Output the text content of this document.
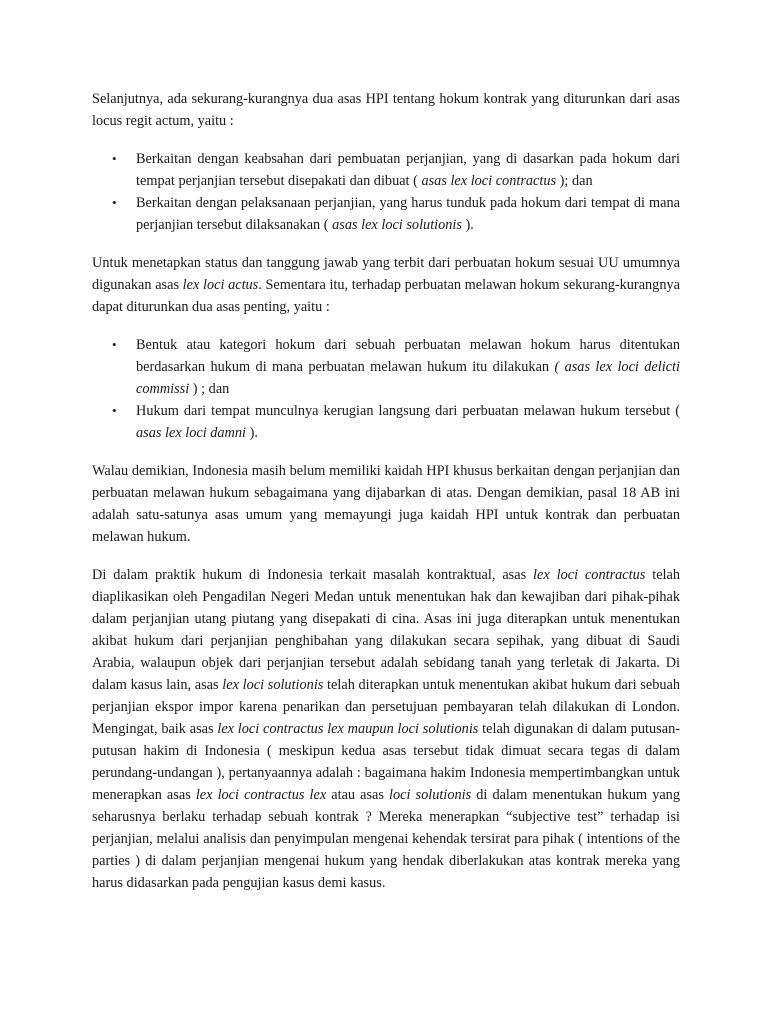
Selanjutnya, ada sekurang-kurangnya dua asas HPI tentang hokum kontrak yang diturunkan dari asas locus regit actum, yaitu :

• Berkaitan dengan keabsahan dari pembuatan perjanjian, yang di dasarkan pada hokum dari tempat perjanjian tersebut disepakati dan dibuat ( asas lex loci contractus ); dan
• Berkaitan dengan pelaksanaan perjanjian, yang harus tunduk pada hokum dari tempat di mana perjanjian tersebut dilaksanakan ( asas lex loci solutionis ).

Untuk menetapkan status dan tanggung jawab yang terbit dari perbuatan hokum sesuai UU umumnya digunakan asas lex loci actus. Sementara itu, terhadap perbuatan melawan hokum sekurang-kurangnya dapat diturunkan dua asas penting, yaitu :

• Bentuk atau kategori hokum dari sebuah perbuatan melawan hokum harus ditentukan berdasarkan hukum di mana perbuatan melawan hukum itu dilakukan ( asas lex loci delicti commissi ) ; dan
• Hukum dari tempat munculnya kerugian langsung dari perbuatan melawan hukum tersebut ( asas lex loci damni ).

Walau demikian, Indonesia masih belum memiliki kaidah HPI khusus berkaitan dengan perjanjian dan perbuatan melawan hukum sebagaimana yang dijabarkan di atas. Dengan demikian, pasal 18 AB ini adalah satu-satunya asas umum yang memayungi juga kaidah HPI untuk kontrak dan perbuatan melawan hukum.

Di dalam praktik hukum di Indonesia terkait masalah kontraktual, asas lex loci contractus telah diaplikasikan oleh Pengadilan Negeri Medan untuk menentukan hak dan kewajiban dari pihak-pihak dalam perjanjian utang piutang yang disepakati di cina. Asas ini juga diterapkan untuk menentukan akibat hukum dari perjanjian penghibahan yang dilakukan secara sepihak, yang dibuat di Saudi Arabia, walaupun objek dari perjanjian tersebut adalah sebidang tanah yang terletak di Jakarta. Di dalam kasus lain, asas lex loci solutionis telah diterapkan untuk menentukan akibat hukum dari sebuah perjanjian ekspor impor karena penarikan dan persetujuan pembayaran telah dilakukan di London. Mengingat, baik asas lex loci contractus lex maupun loci solutionis telah digunakan di dalam putusan-putusan hakim di Indonesia ( meskipun kedua asas tersebut tidak dimuat secara tegas di dalam perundang-undangan ), pertanyaannya adalah : bagaimana hakim Indonesia mempertimbangkan untuk menerapkan asas lex loci contractus lex atau asas loci solutionis di dalam menentukan hukum yang seharusnya berlaku terhadap sebuah kontrak ? Mereka menerapkan “subjective test” terhadap isi perjanjian, melalui analisis dan penyimpulan mengenai kehendak tersirat para pihak ( intentions of the parties ) di dalam perjanjian mengenai hukum yang hendak diberlakukan atas kontrak mereka yang harus didasarkan pada pengujian kasus demi kasus.
